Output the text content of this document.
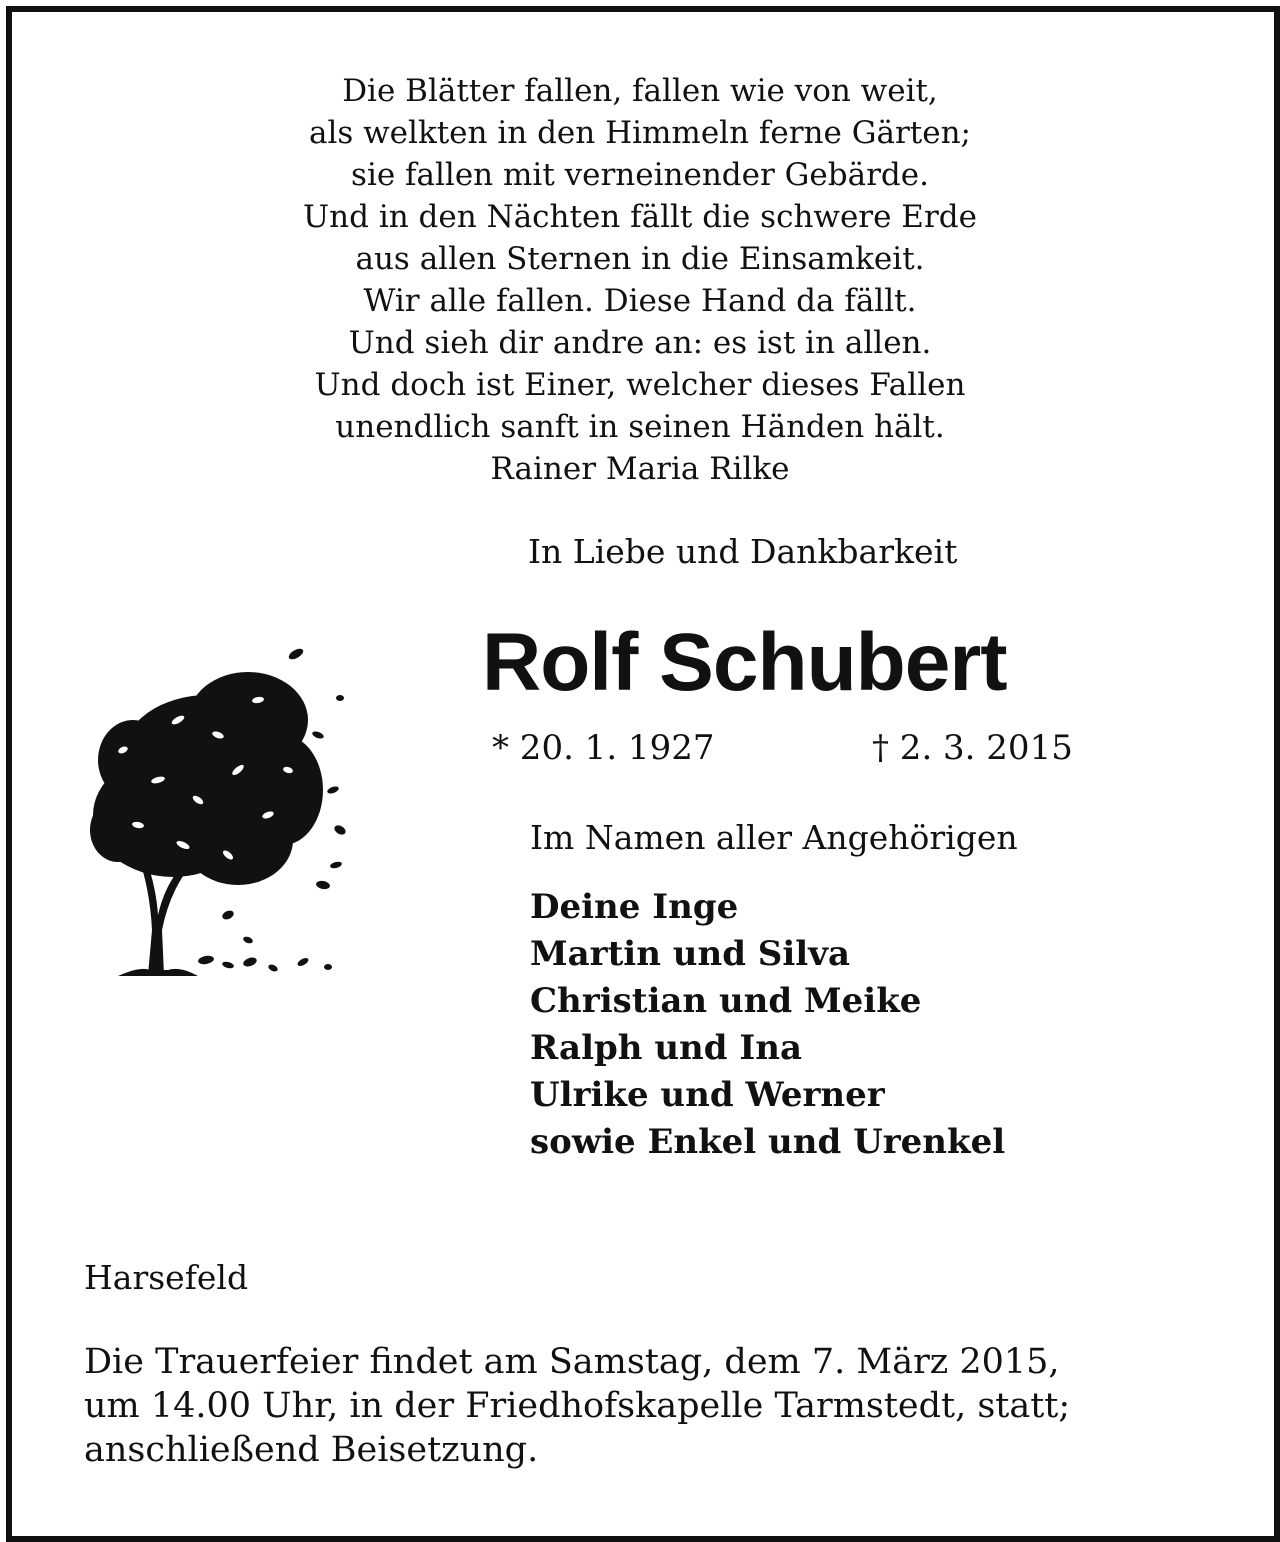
Die Blätter fallen, fallen wie von weit,
als welkten in den Himmeln ferne Gärten;
sie fallen mit verneinender Gebärde.
Und in den Nächten fällt die schwere Erde
aus allen Sternen in die Einsamkeit.
Wir alle fallen. Diese Hand da fällt.
Und sieh dir andre an: es ist in allen.
Und doch ist Einer, welcher dieses Fallen
unendlich sanft in seinen Händen hält.
Rainer Maria Rilke
In Liebe und Dankbarkeit
Rolf Schubert
* 20. 1. 1927	† 2. 3. 2015
Im Namen aller Angehörigen
Deine Inge
Martin und Silva
Christian und Meike
Ralph und Ina
Ulrike und Werner
sowie Enkel und Urenkel
Harsefeld
Die Trauerfeier findet am Samstag, dem 7. März 2015,
um 14.00 Uhr, in der Friedhofskapelle Tarmstedt, statt;
anschließend Beisetzung.
